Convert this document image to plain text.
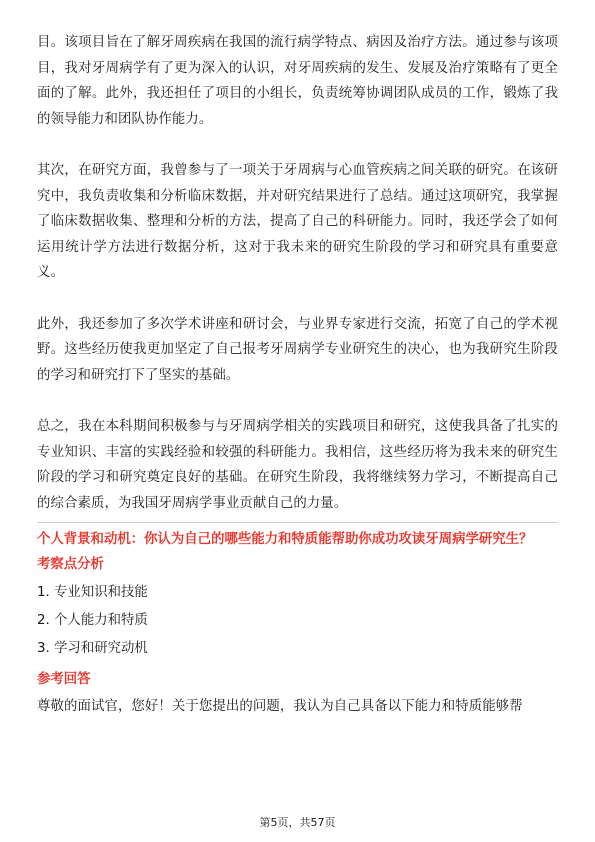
目。该项目旨在了解牙周疾病在我国的流行病学特点、病因及治疗方法。通过参与该项目，我对牙周病学有了更为深入的认识，对牙周疾病的发生、发展及治疗策略有了更全面的了解。此外，我还担任了项目的小组长，负责统筹协调团队成员的工作，锻炼了我的领导能力和团队协作能力。

其次，在研究方面，我曾参与了一项关于牙周病与心血管疾病之间关联的研究。在该研究中，我负责收集和分析临床数据，并对研究结果进行了总结。通过这项研究，我掌握了临床数据收集、整理和分析的方法，提高了自己的科研能力。同时，我还学会了如何运用统计学方法进行数据分析，这对于我未来的研究生阶段的学习和研究具有重要意义。

此外，我还参加了多次学术讲座和研讨会，与业界专家进行交流，拓宽了自己的学术视野。这些经历使我更加坚定了自己报考牙周病学专业研究生的决心，也为我研究生阶段的学习和研究打下了坚实的基础。

总之，我在本科期间积极参与与牙周病学相关的实践项目和研究，这使我具备了扎实的专业知识、丰富的实践经验和较强的科研能力。我相信，这些经历将为我未来的研究生阶段的学习和研究奠定良好的基础。在研究生阶段，我将继续努力学习，不断提高自己的综合素质，为我国牙周病学事业贡献自己的力量。

个人背景和动机：你认为自己的哪些能力和特质能帮助你成功攻读牙周病学研究生？

考察点分析

1. 专业知识和技能
2. 个人能力和特质
3. 学习和研究动机

参考回答

尊敬的面试官，您好！关于您提出的问题，我认为自己具备以下能力和特质能够帮

第5页，共57页
